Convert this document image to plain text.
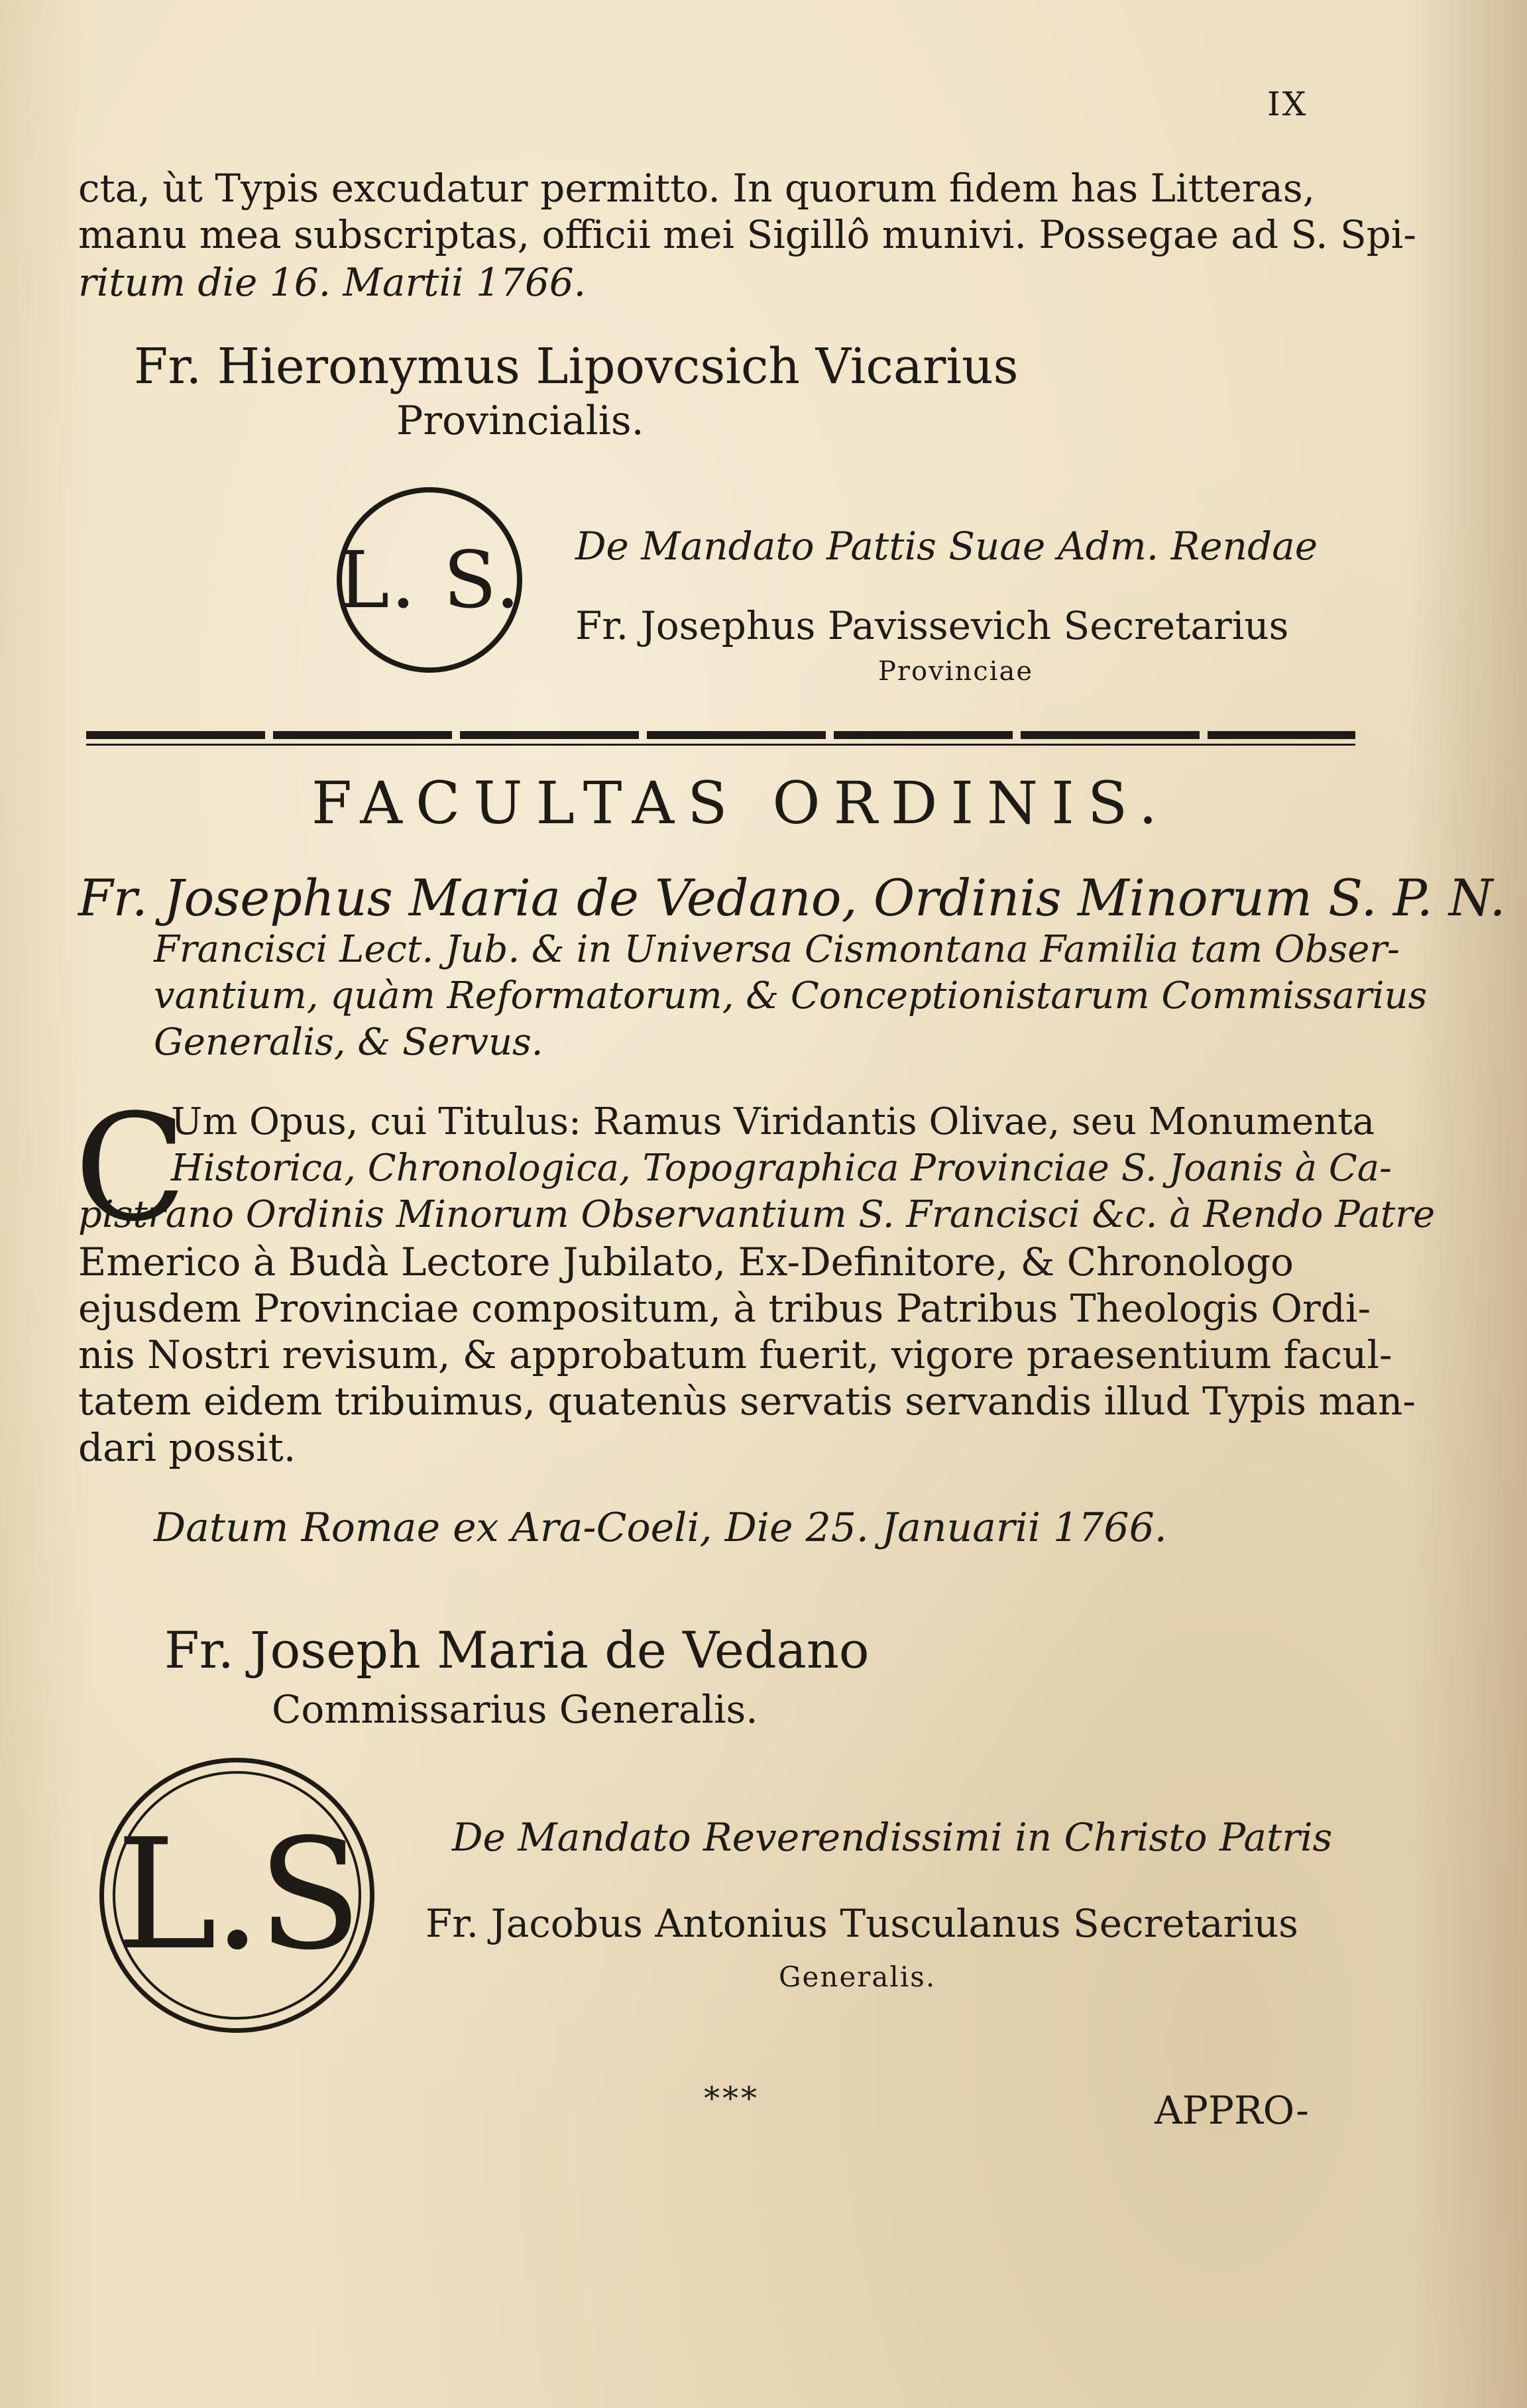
IX
cta, ùt Typis excudatur permitto. In quorum fidem has Litteras,
manu mea subscriptas, officii mei Sigillô munivi. Possegae ad S. Spi-
ritum die 16. Martii 1766.
Fr. Hieronymus Lipovcsich Vicarius
Provincialis.
L. S. De Mandato Pattis Suae Adm. Rendae
Fr. Josephus Pavissevich Secretarius
Provinciae
FACULTAS ORDINIS.
Fr. Josephus Maria de Vedano, Ordinis Minorum S. P. N.
Francisci Lect. Jub. & in Universa Cismontana Familia tam Obser-
vantium, quàm Reformatorum, & Conceptionistarum Commissarius
Generalis, & Servus.
C
Um Opus, cui Titulus: Ramus Viridantis Olivae, seu Monumenta
Historica, Chronologica, Topographica Provinciae S. Joanis à Ca-
pistrano Ordinis Minorum Observantium S. Francisci &c. à Rendo Patre
Emerico à Budà Lectore Jubilato, Ex-Definitore, & Chronologo
ejusdem Provinciae compositum, à tribus Patribus Theologis Ordi-
nis Nostri revisum, & approbatum fuerit, vigore praesentium facul-
tatem eidem tribuimus, quatenùs servatis servandis illud Typis man-
dari possit.
Datum Romae ex Ara-Coeli, Die 25. Januarii 1766.
Fr. Joseph Maria de Vedano
Commissarius Generalis.
L.S De Mandato Reverendissimi in Christo Patris
Fr. Jacobus Antonius Tusculanus Secretarius
Generalis.
***	APPRO-
